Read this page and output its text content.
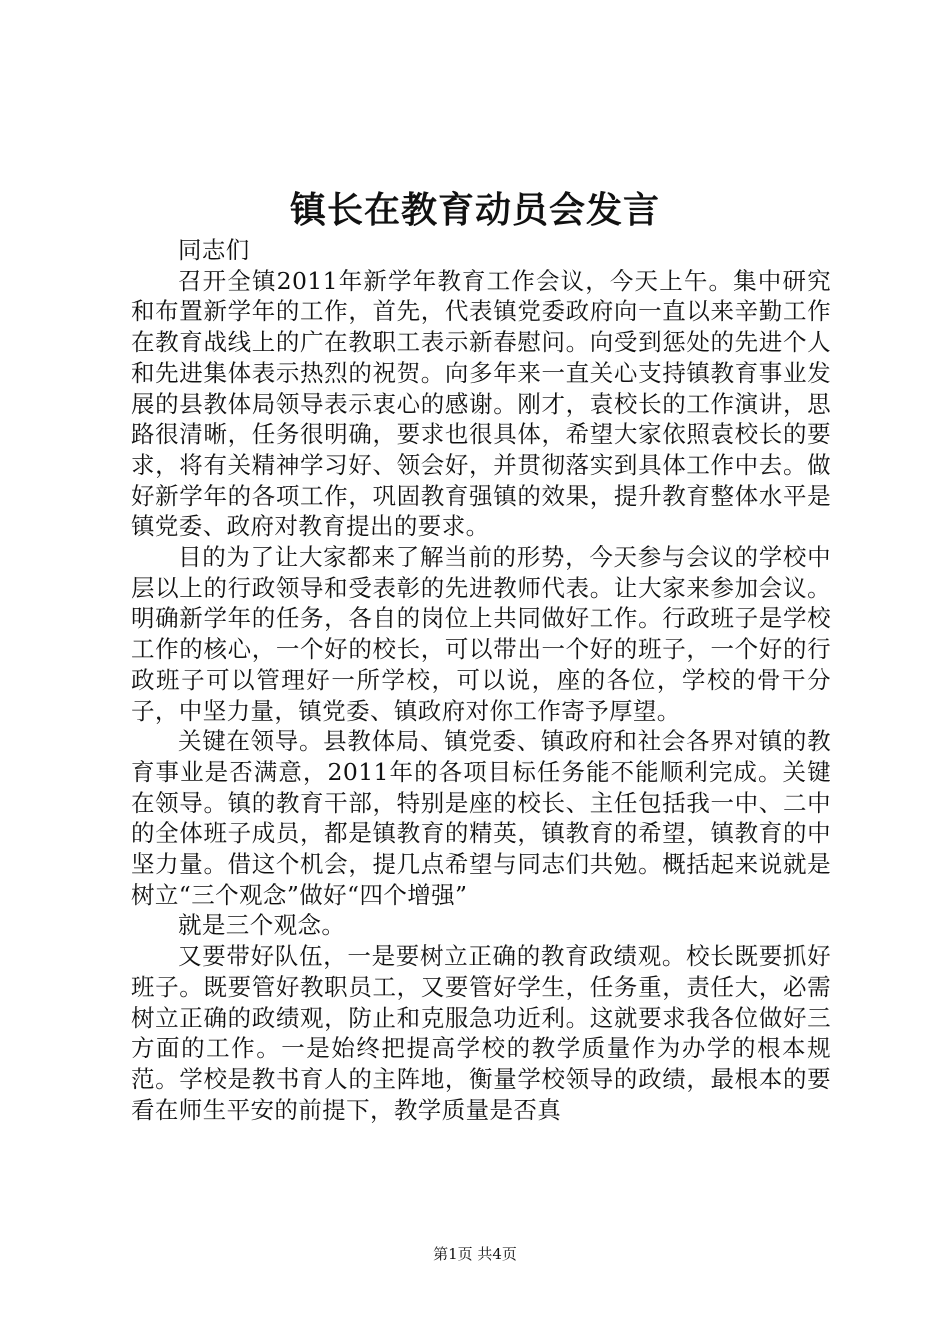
镇长在教育动员会发言

同志们

召开全镇2011年新学年教育工作会议，今天上午。集中研究和布置新学年的工作，首先，代表镇党委政府向一直以来辛勤工作在教育战线上的广在教职工表示新春慰问。向受到惩处的先进个人和先进集体表示热烈的祝贺。向多年来一直关心支持镇教育事业发展的县教体局领导表示衷心的感谢。刚才，袁校长的工作演讲，思路很清晰，任务很明确，要求也很具体，希望大家依照袁校长的要求，将有关精神学习好、领会好，并贯彻落实到具体工作中去。做好新学年的各项工作，巩固教育强镇的效果，提升教育整体水平是镇党委、政府对教育提出的要求。

目的为了让大家都来了解当前的形势，今天参与会议的学校中层以上的行政领导和受表彰的先进教师代表。让大家来参加会议。明确新学年的任务，各自的岗位上共同做好工作。行政班子是学校工作的核心，一个好的校长，可以带出一个好的班子，一个好的行政班子可以管理好一所学校，可以说，座的各位，学校的骨干分子，中坚力量，镇党委、镇政府对你工作寄予厚望。

关键在领导。县教体局、镇党委、镇政府和社会各界对镇的教育事业是否满意，2011年的各项目标任务能不能顺利完成。关键在领导。镇的教育干部，特别是座的校长、主任包括我一中、二中的全体班子成员，都是镇教育的精英，镇教育的希望，镇教育的中坚力量。借这个机会，提几点希望与同志们共勉。概括起来说就是树立“三个观念”做好“四个增强”

就是三个观念。

又要带好队伍，一是要树立正确的教育政绩观。校长既要抓好班子。既要管好教职员工，又要管好学生，任务重，责任大，必需树立正确的政绩观，防止和克服急功近利。这就要求我各位做好三方面的工作。一是始终把提高学校的教学质量作为办学的根本规范。学校是教书育人的主阵地，衡量学校领导的政绩，最根本的要看在师生平安的前提下，教学质量是否真

第1页 共4页
